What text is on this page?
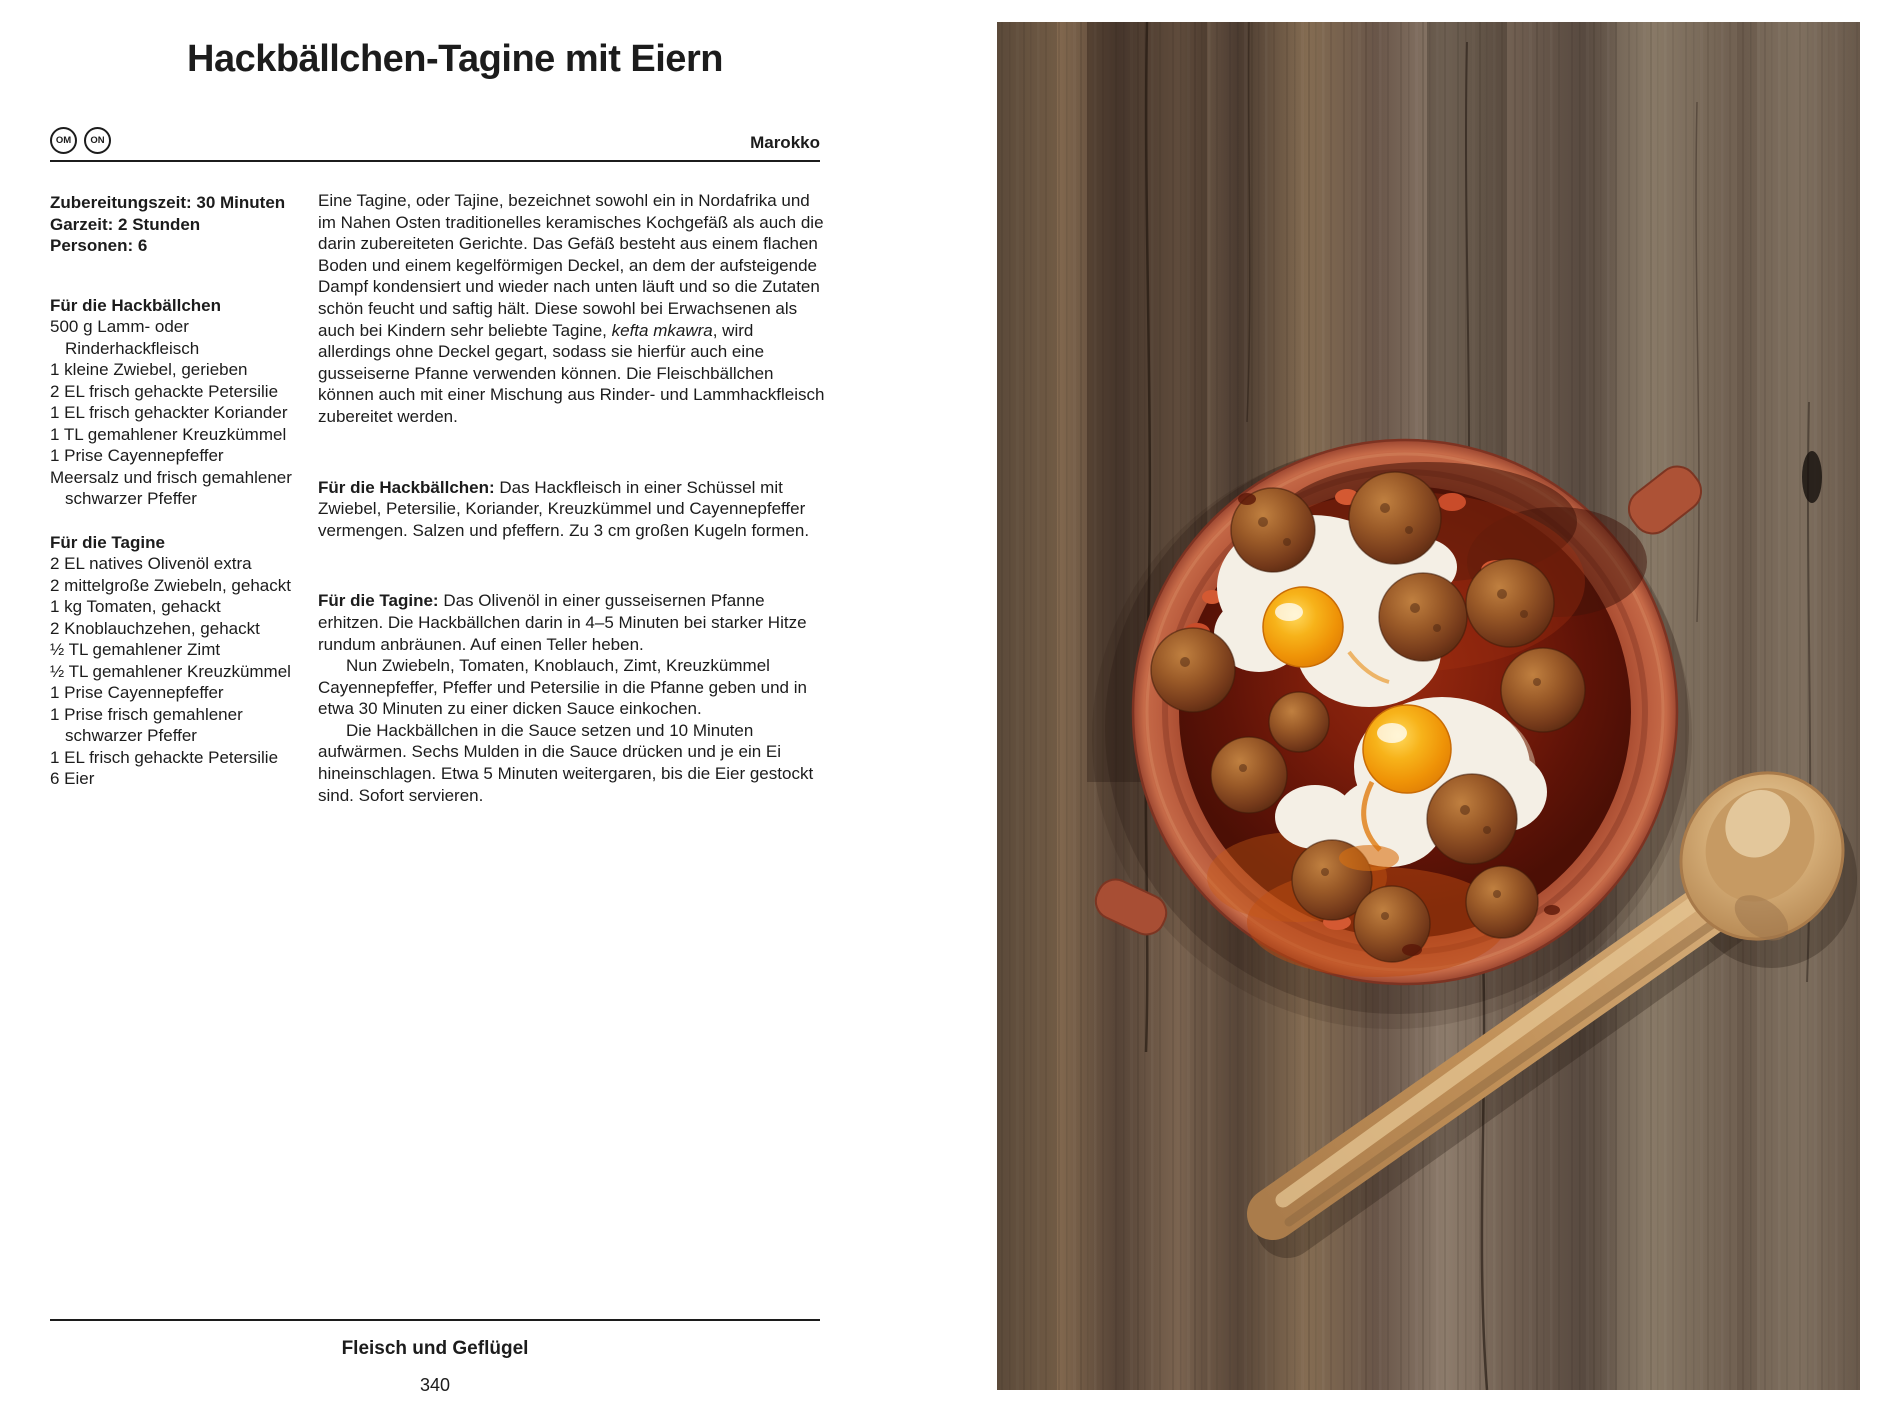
Hackbällchen-Tagine mit Eiern
OM	ON	Marokko
Zubereitungszeit: 30 Minuten
Garzeit: 2 Stunden
Personen: 6
Für die Hackbällchen
500 g Lamm- oder Rinderhackfleisch
1 kleine Zwiebel, gerieben
2 EL frisch gehackte Petersilie
1 EL frisch gehackter Koriander
1 TL gemahlener Kreuzkümmel
1 Prise Cayennepfeffer
Meersalz und frisch gemahlener schwarzer Pfeffer
Für die Tagine
2 EL natives Olivenöl extra
2 mittelgroße Zwiebeln, gehackt
1 kg Tomaten, gehackt
2 Knoblauchzehen, gehackt
½ TL gemahlener Zimt
½ TL gemahlener Kreuzkümmel
1 Prise Cayennepfeffer
1 Prise frisch gemahlener schwarzer Pfeffer
1 EL frisch gehackte Petersilie
6 Eier

Eine Tagine, oder Tajine, bezeichnet sowohl ein in Nordafrika und im Nahen Osten traditionelles keramisches Kochgefäß als auch die darin zubereiteten Gerichte. Das Gefäß besteht aus einem flachen Boden und einem kegelförmigen Deckel, an dem der aufsteigende Dampf kondensiert und wieder nach unten läuft und so die Zutaten schön feucht und saftig hält. Diese sowohl bei Erwachsenen als auch bei Kindern sehr beliebte Tagine, kefta mkawra, wird allerdings ohne Deckel gegart, sodass sie hierfür auch eine gusseiserne Pfanne verwenden können. Die Fleischbällchen können auch mit einer Mischung aus Rinder- und Lammhackfleisch zubereitet werden.

Für die Hackbällchen: Das Hackfleisch in einer Schüssel mit Zwiebel, Petersilie, Koriander, Kreuzkümmel und Cayennepfeffer vermengen. Salzen und pfeffern. Zu 3 cm großen Kugeln formen.

Für die Tagine: Das Olivenöl in einer gusseisernen Pfanne erhitzen. Die Hackbällchen darin in 4–5 Minuten bei starker Hitze rundum anbräunen. Auf einen Teller heben.

Nun Zwiebeln, Tomaten, Knoblauch, Zimt, Kreuzkümmel Cayennepfeffer, Pfeffer und Petersilie in die Pfanne geben und in etwa 30 Minuten zu einer dicken Sauce einkochen.

Die Hackbällchen in die Sauce setzen und 10 Minuten aufwärmen. Sechs Mulden in die Sauce drücken und je ein Ei hineinschlagen. Etwa 5 Minuten weitergaren, bis die Eier gestockt sind. Sofort servieren.

Fleisch und Geflügel
340
